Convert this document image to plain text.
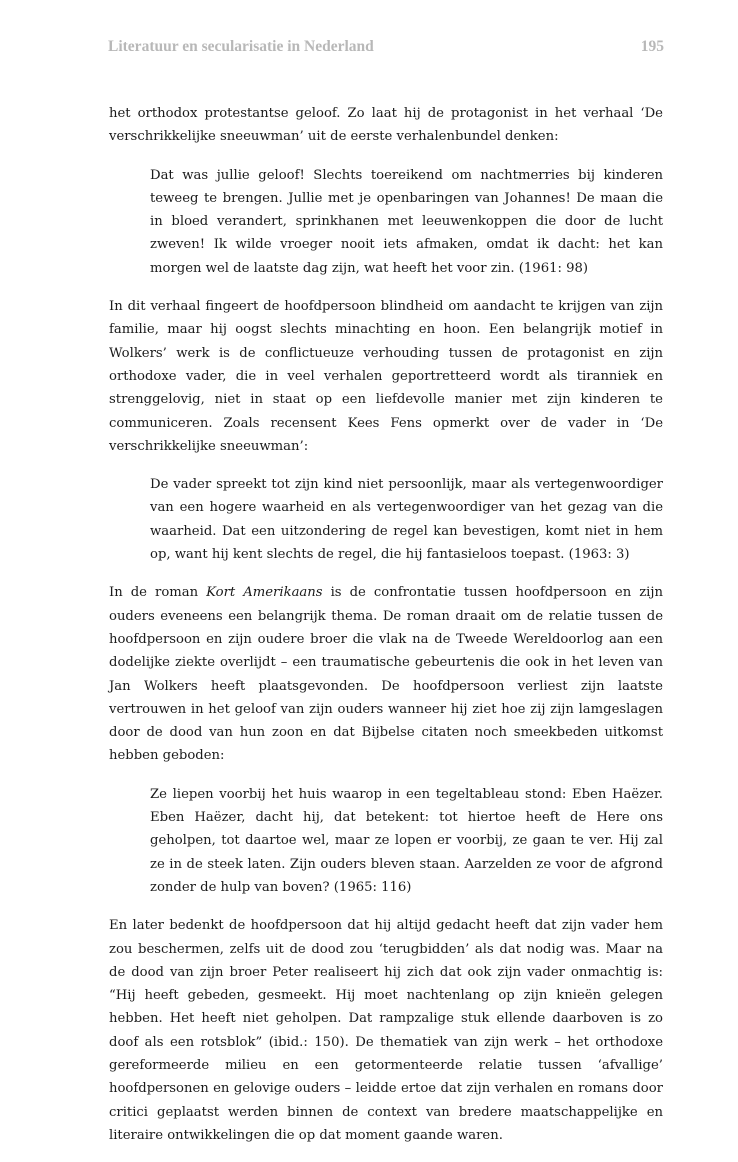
Literatuur en secularisatie in Nederland	195

het orthodox protestantse geloof. Zo laat hij de protagonist in het verhaal ‘De verschrikkelijke sneeuwman’ uit de eerste verhalenbundel denken:

Dat was jullie geloof! Slechts toereikend om nachtmerries bij kinderen teweeg te brengen. Jullie met je openbaringen van Johannes! De maan die in bloed verandert, sprinkhanen met leeuwenkoppen die door de lucht zweven! Ik wilde vroeger nooit iets afmaken, omdat ik dacht: het kan morgen wel de laatste dag zijn, wat heeft het voor zin. (1961: 98)

In dit verhaal fingeert de hoofdpersoon blindheid om aandacht te krijgen van zijn familie, maar hij oogst slechts minachting en hoon. Een belangrijk motief in Wolkers’ werk is de conflictueuze verhouding tussen de protagonist en zijn orthodoxe vader, die in veel verhalen geportretteerd wordt als tiranniek en strenggelovig, niet in staat op een liefdevolle manier met zijn kinderen te communiceren. Zoals recensent Kees Fens opmerkt over de vader in ‘De verschrikkelijke sneeuwman’:

De vader spreekt tot zijn kind niet persoonlijk, maar als vertegenwoordiger van een hogere waarheid en als vertegenwoordiger van het gezag van die waarheid. Dat een uitzondering de regel kan bevestigen, komt niet in hem op, want hij kent slechts de regel, die hij fantasieloos toepast. (1963: 3)

In de roman Kort Amerikaans is de confrontatie tussen hoofdpersoon en zijn ouders eveneens een belangrijk thema. De roman draait om de relatie tussen de hoofdpersoon en zijn oudere broer die vlak na de Tweede Wereldoorlog aan een dodelijke ziekte overlijdt – een traumatische gebeurtenis die ook in het leven van Jan Wolkers heeft plaatsgevonden. De hoofdpersoon verliest zijn laatste vertrouwen in het geloof van zijn ouders wanneer hij ziet hoe zij zijn lamgeslagen door de dood van hun zoon en dat Bijbelse citaten noch smeekbeden uitkomst hebben geboden:

Ze liepen voorbij het huis waarop in een tegeltableau stond: Eben Haëzer. Eben Haëzer, dacht hij, dat betekent: tot hiertoe heeft de Here ons geholpen, tot daartoe wel, maar ze lopen er voorbij, ze gaan te ver. Hij zal ze in de steek laten. Zijn ouders bleven staan. Aarzelden ze voor de afgrond zonder de hulp van boven? (1965: 116)

En later bedenkt de hoofdpersoon dat hij altijd gedacht heeft dat zijn vader hem zou beschermen, zelfs uit de dood zou ‘terugbidden’ als dat nodig was. Maar na de dood van zijn broer Peter realiseert hij zich dat ook zijn vader onmachtig is: “Hij heeft gebeden, gesmeekt. Hij moet nachtenlang op zijn knieën gelegen hebben. Het heeft niet geholpen. Dat rampzalige stuk ellende daarboven is zo doof als een rotsblok” (ibid.: 150). De thematiek van zijn werk – het orthodoxe gereformeerde milieu en een getormenteerde relatie tussen ‘afvallige’ hoofdpersonen en gelovige ouders – leidde ertoe dat zijn verhalen en romans door critici geplaatst werden binnen de context van bredere maatschappelijke en literaire ontwikkelingen die op dat moment gaande waren.
